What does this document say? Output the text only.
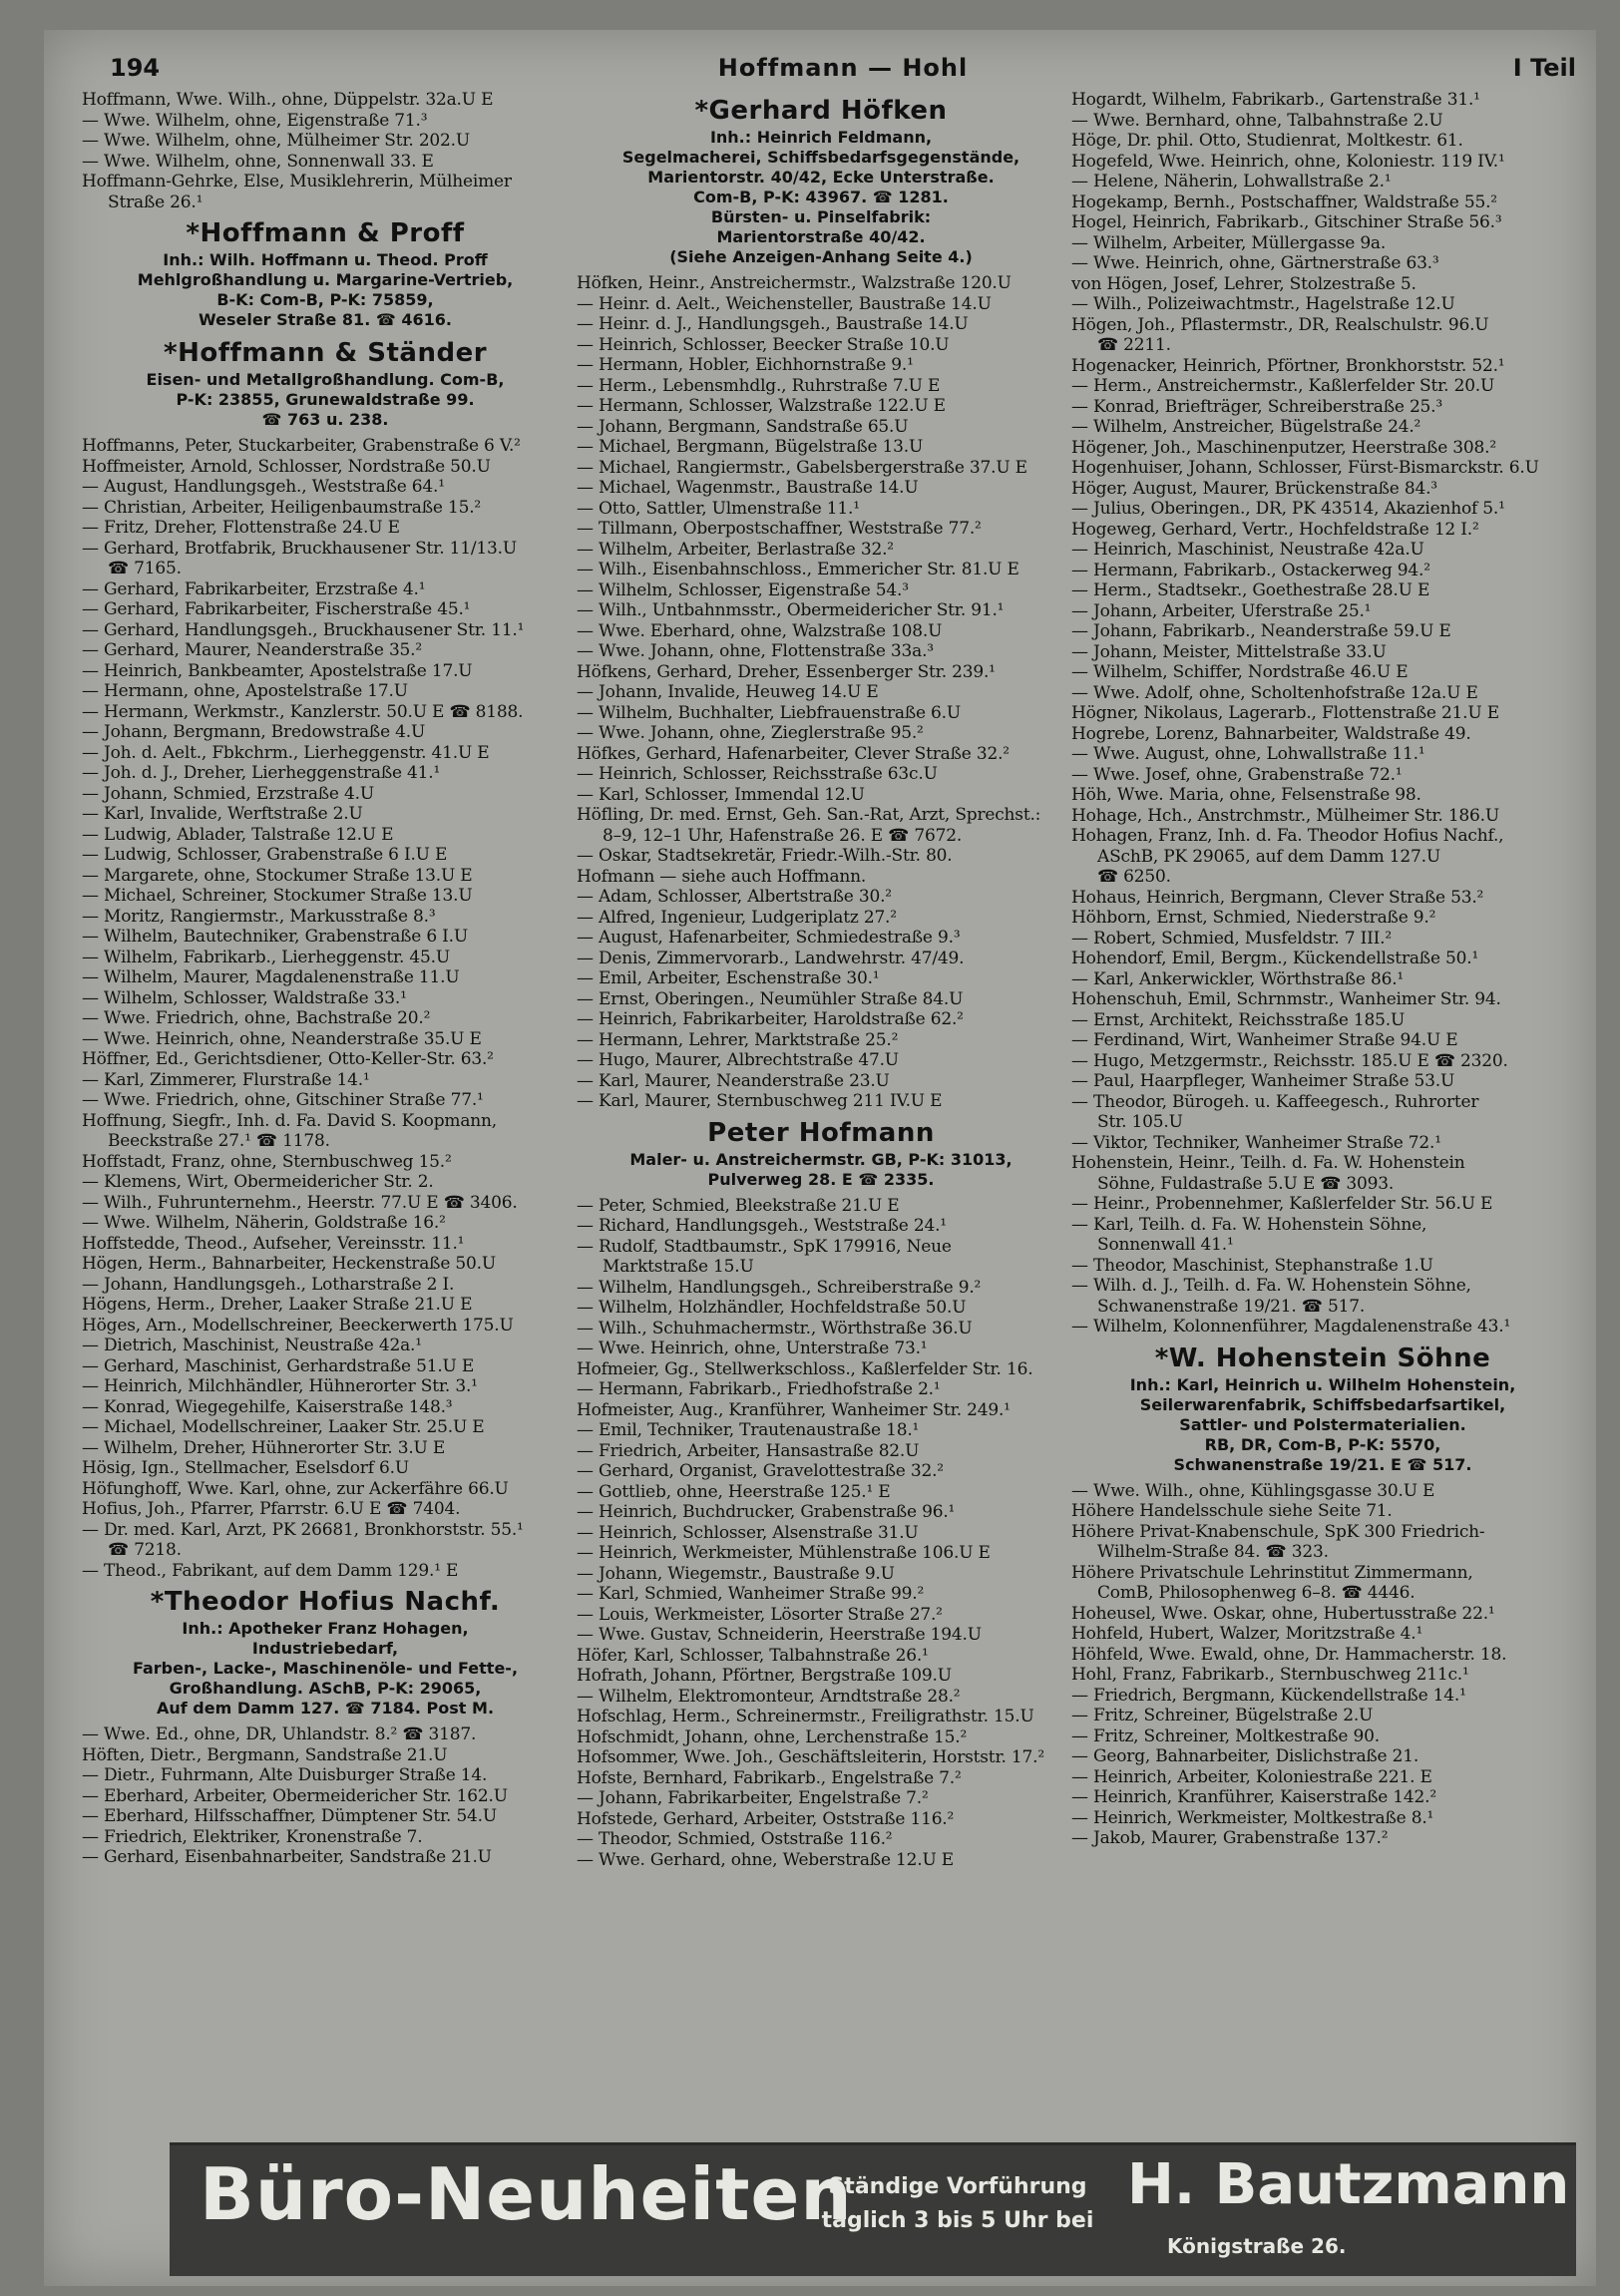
194	Hoffmann — Hohl	I Teil
Hoffmann, Wwe. Wilh., ohne, Düppelstr. 32a.U E
— Wwe. Wilhelm, ohne, Eigenstraße 71.³
— Wwe. Wilhelm, ohne, Mülheimer Str. 202.U
— Wwe. Wilhelm, ohne, Sonnenwall 33. E
Hoffmann-Gehrke, Else, Musiklehrerin, Mülheimer
Straße 26.¹
*Hoffmann & Proff
Inh.: Wilh. Hoffmann u. Theod. Proff
Mehlgroßhandlung u. Margarine-Vertrieb,
B-K: Com-B, P-K: 75859,
Weseler Straße 81. ☎ 4616.
*Hoffmann & Ständer
Eisen- und Metallgroßhandlung. Com-B,
P-K: 23855, Grunewaldstraße 99.
☎ 763 u. 238.
Hoffmanns, Peter, Stuckarbeiter, Grabenstraße 6 V.²
Hoffmeister, Arnold, Schlosser, Nordstraße 50.U
— August, Handlungsgeh., Weststraße 64.¹
— Christian, Arbeiter, Heiligenbaumstraße 15.²
— Fritz, Dreher, Flottenstraße 24.U E
— Gerhard, Brotfabrik, Bruckhausener Str. 11/13.U
☎ 7165.
— Gerhard, Fabrikarbeiter, Erzstraße 4.¹
— Gerhard, Fabrikarbeiter, Fischerstraße 45.¹
— Gerhard, Handlungsgeh., Bruckhausener Str. 11.¹
— Gerhard, Maurer, Neanderstraße 35.²
— Heinrich, Bankbeamter, Apostelstraße 17.U
— Hermann, ohne, Apostelstraße 17.U
— Hermann, Werkmstr., Kanzlerstr. 50.U E ☎ 8188.
— Johann, Bergmann, Bredowstraße 4.U
— Joh. d. Aelt., Fbkchrm., Lierheggenstr. 41.U E
— Joh. d. J., Dreher, Lierheggenstraße 41.¹
— Johann, Schmied, Erzstraße 4.U
— Karl, Invalide, Werftstraße 2.U
— Ludwig, Ablader, Talstraße 12.U E
— Ludwig, Schlosser, Grabenstraße 6 I.U E
— Margarete, ohne, Stockumer Straße 13.U E
— Michael, Schreiner, Stockumer Straße 13.U
— Moritz, Rangiermstr., Markusstraße 8.³
— Wilhelm, Bautechniker, Grabenstraße 6 I.U
— Wilhelm, Fabrikarb., Lierheggenstr. 45.U
— Wilhelm, Maurer, Magdalenenstraße 11.U
— Wilhelm, Schlosser, Waldstraße 33.¹
— Wwe. Friedrich, ohne, Bachstraße 20.²
— Wwe. Heinrich, ohne, Neanderstraße 35.U E
Höffner, Ed., Gerichtsdiener, Otto-Keller-Str. 63.²
— Karl, Zimmerer, Flurstraße 14.¹
— Wwe. Friedrich, ohne, Gitschiner Straße 77.¹
Hoffnung, Siegfr., Inh. d. Fa. David S. Koopmann,
Beeckstraße 27.¹ ☎ 1178.
Hoffstadt, Franz, ohne, Sternbuschweg 15.²
— Klemens, Wirt, Obermeidericher Str. 2.
— Wilh., Fuhrunternehm., Heerstr. 77.U E ☎ 3406.
— Wwe. Wilhelm, Näherin, Goldstraße 16.²
Hoffstedde, Theod., Aufseher, Vereinsstr. 11.¹
Högen, Herm., Bahnarbeiter, Heckenstraße 50.U
— Johann, Handlungsgeh., Lotharstraße 2 I.
Högens, Herm., Dreher, Laaker Straße 21.U E
Höges, Arn., Modellschreiner, Beeckerwerth 175.U
— Dietrich, Maschinist, Neustraße 42a.¹
— Gerhard, Maschinist, Gerhardstraße 51.U E
— Heinrich, Milchhändler, Hühnerorter Str. 3.¹
— Konrad, Wiegegehilfe, Kaiserstraße 148.³
— Michael, Modellschreiner, Laaker Str. 25.U E
— Wilhelm, Dreher, Hühnerorter Str. 3.U E
Hösig, Ign., Stellmacher, Eselsdorf 6.U
Höfunghoff, Wwe. Karl, ohne, zur Ackerfähre 66.U
Hofius, Joh., Pfarrer, Pfarrstr. 6.U E ☎ 7404.
— Dr. med. Karl, Arzt, PK 26681, Bronkhorststr. 55.¹
☎ 7218.
— Theod., Fabrikant, auf dem Damm 129.¹ E
*Theodor Hofius Nachf.
Inh.: Apotheker Franz Hohagen,
Industriebedarf,
Farben-, Lacke-, Maschinenöle- und Fette-,
Großhandlung. ASchB, P-K: 29065,
Auf dem Damm 127. ☎ 7184. Post M.
— Wwe. Ed., ohne, DR, Uhlandstr. 8.² ☎ 3187.
Höften, Dietr., Bergmann, Sandstraße 21.U
— Dietr., Fuhrmann, Alte Duisburger Straße 14.
— Eberhard, Arbeiter, Obermeidericher Str. 162.U
— Eberhard, Hilfsschaffner, Dümptener Str. 54.U
— Friedrich, Elektriker, Kronenstraße 7.
— Gerhard, Eisenbahnarbeiter, Sandstraße 21.U
*Gerhard Höfken
Inh.: Heinrich Feldmann,
Segelmacherei, Schiffsbedarfsgegenstände,
Marientorstr. 40/42, Ecke Unterstraße.
Com-B, P-K: 43967. ☎ 1281.
Bürsten- u. Pinselfabrik:
Marientorstraße 40/42.
(Siehe Anzeigen-Anhang Seite 4.)
Höfken, Heinr., Anstreichermstr., Walzstraße 120.U
— Heinr. d. Aelt., Weichensteller, Baustraße 14.U
— Heinr. d. J., Handlungsgeh., Baustraße 14.U
— Heinrich, Schlosser, Beecker Straße 10.U
— Hermann, Hobler, Eichhornstraße 9.¹
— Herm., Lebensmhdlg., Ruhrstraße 7.U E
— Hermann, Schlosser, Walzstraße 122.U E
— Johann, Bergmann, Sandstraße 65.U
— Michael, Bergmann, Bügelstraße 13.U
— Michael, Rangiermstr., Gabelsbergerstraße 37.U E
— Michael, Wagenmstr., Baustraße 14.U
— Otto, Sattler, Ulmenstraße 11.¹
— Tillmann, Oberpostschaffner, Weststraße 77.²
— Wilhelm, Arbeiter, Berlastraße 32.²
— Wilh., Eisenbahnschloss., Emmericher Str. 81.U E
— Wilhelm, Schlosser, Eigenstraße 54.³
— Wilh., Untbahnmsstr., Obermeidericher Str. 91.¹
— Wwe. Eberhard, ohne, Walzstraße 108.U
— Wwe. Johann, ohne, Flottenstraße 33a.³
Höfkens, Gerhard, Dreher, Essenberger Str. 239.¹
— Johann, Invalide, Heuweg 14.U E
— Wilhelm, Buchhalter, Liebfrauenstraße 6.U
— Wwe. Johann, ohne, Zieglerstraße 95.²
Höfkes, Gerhard, Hafenarbeiter, Clever Straße 32.²
— Heinrich, Schlosser, Reichsstraße 63c.U
— Karl, Schlosser, Immendal 12.U
Höfling, Dr. med. Ernst, Geh. San.-Rat, Arzt, Sprechst.:
8–9, 12–1 Uhr, Hafenstraße 26. E ☎ 7672.
— Oskar, Stadtsekretär, Friedr.-Wilh.-Str. 80.
Hofmann — siehe auch Hoffmann.
— Adam, Schlosser, Albertstraße 30.²
— Alfred, Ingenieur, Ludgeriplatz 27.²
— August, Hafenarbeiter, Schmiedestraße 9.³
— Denis, Zimmervorarb., Landwehrstr. 47/49.
— Emil, Arbeiter, Eschenstraße 30.¹
— Ernst, Oberingen., Neumühler Straße 84.U
— Heinrich, Fabrikarbeiter, Haroldstraße 62.²
— Hermann, Lehrer, Marktstraße 25.²
— Hugo, Maurer, Albrechtstraße 47.U
— Karl, Maurer, Neanderstraße 23.U
— Karl, Maurer, Sternbuschweg 211 IV.U E
Peter Hofmann
Maler- u. Anstreichermstr. GB, P-K: 31013,
Pulverweg 28. E ☎ 2335.
— Peter, Schmied, Bleekstraße 21.U E
— Richard, Handlungsgeh., Weststraße 24.¹
— Rudolf, Stadtbaumstr., SpK 179916, Neue
Marktstraße 15.U
— Wilhelm, Handlungsgeh., Schreiberstraße 9.²
— Wilhelm, Holzhändler, Hochfeldstraße 50.U
— Wilh., Schuhmachermstr., Wörthstraße 36.U
— Wwe. Heinrich, ohne, Unterstraße 73.¹
Hofmeier, Gg., Stellwerkschloss., Kaßlerfelder Str. 16.
— Hermann, Fabrikarb., Friedhofstraße 2.¹
Hofmeister, Aug., Kranführer, Wanheimer Str. 249.¹
— Emil, Techniker, Trautenaustraße 18.¹
— Friedrich, Arbeiter, Hansastraße 82.U
— Gerhard, Organist, Gravelottestraße 32.²
— Gottlieb, ohne, Heerstraße 125.¹ E
— Heinrich, Buchdrucker, Grabenstraße 96.¹
— Heinrich, Schlosser, Alsenstraße 31.U
— Heinrich, Werkmeister, Mühlenstraße 106.U E
— Johann, Wiegemstr., Baustraße 9.U
— Karl, Schmied, Wanheimer Straße 99.²
— Louis, Werkmeister, Lösorter Straße 27.²
— Wwe. Gustav, Schneiderin, Heerstraße 194.U
Höfer, Karl, Schlosser, Talbahnstraße 26.¹
Hofrath, Johann, Pförtner, Bergstraße 109.U
— Wilhelm, Elektromonteur, Arndtstraße 28.²
Hofschlag, Herm., Schreinermstr., Freiligrathstr. 15.U
Hofschmidt, Johann, ohne, Lerchenstraße 15.²
Hofsommer, Wwe. Joh., Geschäftsleiterin, Horststr. 17.²
Hofste, Bernhard, Fabrikarb., Engelstraße 7.²
— Johann, Fabrikarbeiter, Engelstraße 7.²
Hofstede, Gerhard, Arbeiter, Oststraße 116.²
— Theodor, Schmied, Oststraße 116.²
— Wwe. Gerhard, ohne, Weberstraße 12.U E
Hogardt, Wilhelm, Fabrikarb., Gartenstraße 31.¹
— Wwe. Bernhard, ohne, Talbahnstraße 2.U
Höge, Dr. phil. Otto, Studienrat, Moltkestr. 61.
Hogefeld, Wwe. Heinrich, ohne, Koloniestr. 119 IV.¹
— Helene, Näherin, Lohwallstraße 2.¹
Hogekamp, Bernh., Postschaffner, Waldstraße 55.²
Hogel, Heinrich, Fabrikarb., Gitschiner Straße 56.³
— Wilhelm, Arbeiter, Müllergasse 9a.
— Wwe. Heinrich, ohne, Gärtnerstraße 63.³
von Högen, Josef, Lehrer, Stolzestraße 5.
— Wilh., Polizeiwachtmstr., Hagelstraße 12.U
Högen, Joh., Pflastermstr., DR, Realschulstr. 96.U
☎ 2211.
Hogenacker, Heinrich, Pförtner, Bronkhorststr. 52.¹
— Herm., Anstreichermstr., Kaßlerfelder Str. 20.U
— Konrad, Briefträger, Schreiberstraße 25.³
— Wilhelm, Anstreicher, Bügelstraße 24.²
Högener, Joh., Maschinenputzer, Heerstraße 308.²
Hogenhuiser, Johann, Schlosser, Fürst-Bismarckstr. 6.U
Höger, August, Maurer, Brückenstraße 84.³
— Julius, Oberingen., DR, PK 43514, Akazienhof 5.¹
Hogeweg, Gerhard, Vertr., Hochfeldstraße 12 I.²
— Heinrich, Maschinist, Neustraße 42a.U
— Hermann, Fabrikarb., Ostackerweg 94.²
— Herm., Stadtsekr., Goethestraße 28.U E
— Johann, Arbeiter, Uferstraße 25.¹
— Johann, Fabrikarb., Neanderstraße 59.U E
— Johann, Meister, Mittelstraße 33.U
— Wilhelm, Schiffer, Nordstraße 46.U E
— Wwe. Adolf, ohne, Scholtenhofstraße 12a.U E
Högner, Nikolaus, Lagerarb., Flottenstraße 21.U E
Hogrebe, Lorenz, Bahnarbeiter, Waldstraße 49.
— Wwe. August, ohne, Lohwallstraße 11.¹
— Wwe. Josef, ohne, Grabenstraße 72.¹
Höh, Wwe. Maria, ohne, Felsenstraße 98.
Hohage, Hch., Anstrchmstr., Mülheimer Str. 186.U
Hohagen, Franz, Inh. d. Fa. Theodor Hofius Nachf.,
ASchB, PK 29065, auf dem Damm 127.U
☎ 6250.
Hohaus, Heinrich, Bergmann, Clever Straße 53.²
Höhborn, Ernst, Schmied, Niederstraße 9.²
— Robert, Schmied, Musfeldstr. 7 III.²
Hohendorf, Emil, Bergm., Kückendellstraße 50.¹
— Karl, Ankerwickler, Wörthstraße 86.¹
Hohenschuh, Emil, Schrnmstr., Wanheimer Str. 94.
— Ernst, Architekt, Reichsstraße 185.U
— Ferdinand, Wirt, Wanheimer Straße 94.U E
— Hugo, Metzgermstr., Reichsstr. 185.U E ☎ 2320.
— Paul, Haarpfleger, Wanheimer Straße 53.U
— Theodor, Bürogeh. u. Kaffeegesch., Ruhrorter
Str. 105.U
— Viktor, Techniker, Wanheimer Straße 72.¹
Hohenstein, Heinr., Teilh. d. Fa. W. Hohenstein
Söhne, Fuldastraße 5.U E ☎ 3093.
— Heinr., Probennehmer, Kaßlerfelder Str. 56.U E
— Karl, Teilh. d. Fa. W. Hohenstein Söhne,
Sonnenwall 41.¹
— Theodor, Maschinist, Stephanstraße 1.U
— Wilh. d. J., Teilh. d. Fa. W. Hohenstein Söhne,
Schwanenstraße 19/21. ☎ 517.
— Wilhelm, Kolonnenführer, Magdalenenstraße 43.¹
*W. Hohenstein Söhne
Inh.: Karl, Heinrich u. Wilhelm Hohenstein,
Seilerwarenfabrik, Schiffsbedarfsartikel,
Sattler- und Polstermaterialien.
RB, DR, Com-B, P-K: 5570,
Schwanenstraße 19/21. E ☎ 517.
— Wwe. Wilh., ohne, Kühlingsgasse 30.U E
Höhere Handelsschule siehe Seite 71.
Höhere Privat-Knabenschule, SpK 300 Friedrich-
Wilhelm-Straße 84. ☎ 323.
Höhere Privatschule Lehrinstitut Zimmermann,
ComB, Philosophenweg 6–8. ☎ 4446.
Hoheusel, Wwe. Oskar, ohne, Hubertusstraße 22.¹
Hohfeld, Hubert, Walzer, Moritzstraße 4.¹
Höhfeld, Wwe. Ewald, ohne, Dr. Hammacherstr. 18.
Hohl, Franz, Fabrikarb., Sternbuschweg 211c.¹
— Friedrich, Bergmann, Kückendellstraße 14.¹
— Fritz, Schreiner, Bügelstraße 2.U
— Fritz, Schreiner, Moltkestraße 90.
— Georg, Bahnarbeiter, Dislichstraße 21.
— Heinrich, Arbeiter, Koloniestraße 221. E
— Heinrich, Kranführer, Kaiserstraße 142.²
— Heinrich, Werkmeister, Moltkestraße 8.¹
— Jakob, Maurer, Grabenstraße 137.²
Büro-Neuheiten
Ständige Vorführung
täglich 3 bis 5 Uhr bei
H. Bautzmann
Königstraße 26.
